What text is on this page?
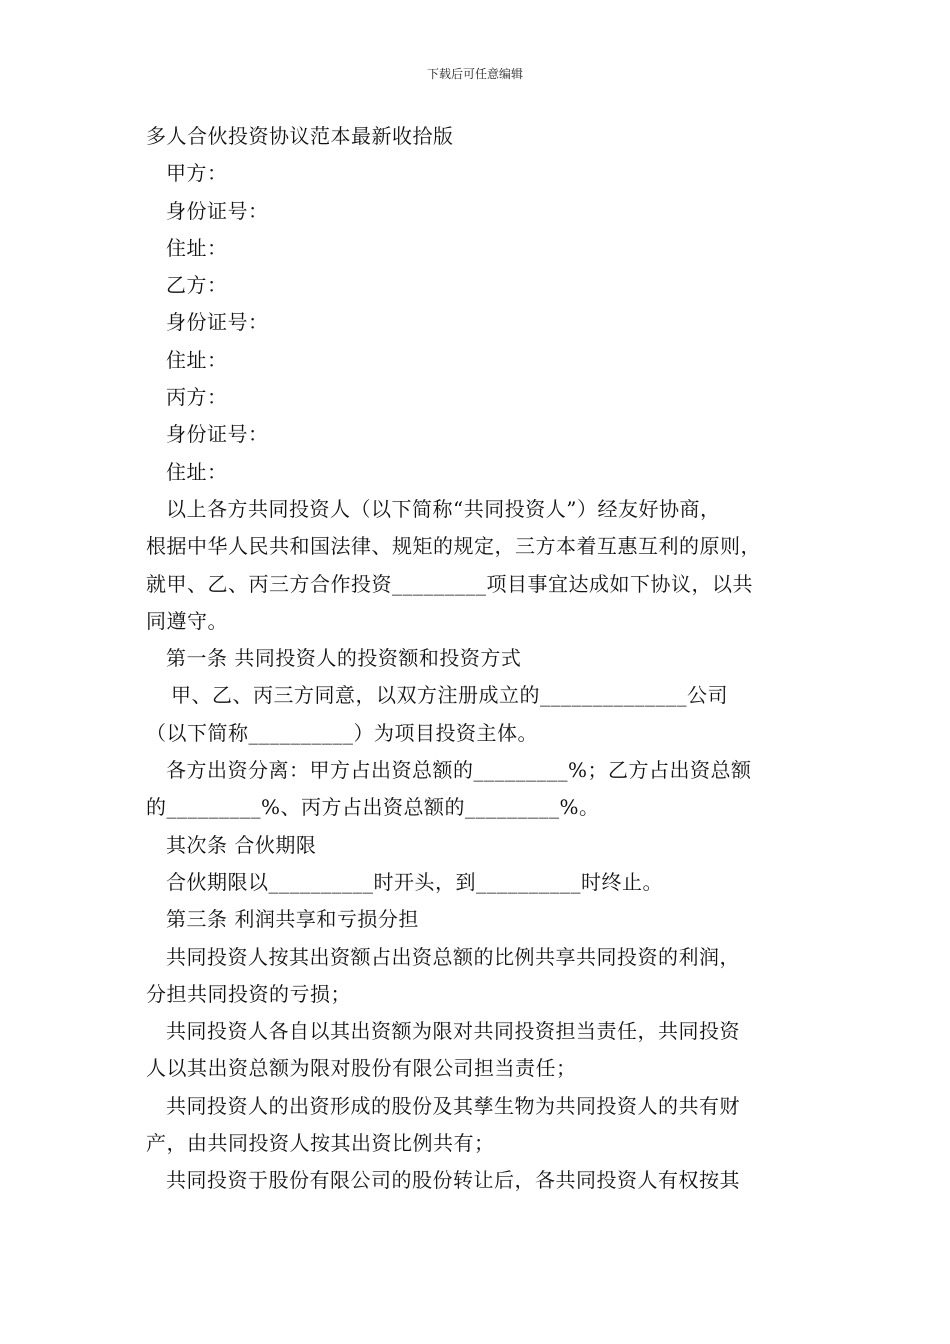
下载后可任意编辑
多人合伙投资协议范本最新收拾版
甲方：
身份证号：
住址：
乙方：
身份证号：
住址：
丙方：
身份证号：
住址：
以上各方共同投资人（以下简称“共同投资人”）经友好协商，
根据中华人民共和国法律、规矩的规定，三方本着互惠互利的原则，
就甲、乙、丙三方合作投资_________项目事宜达成如下协议，以共
同遵守。
第一条 共同投资人的投资额和投资方式
甲、乙、丙三方同意，以双方注册成立的______________公司
（以下简称__________）为项目投资主体。
各方出资分离：甲方占出资总额的_________%；乙方占出资总额
的_________%、丙方占出资总额的_________%。
其次条 合伙期限
合伙期限以__________时开头，到__________时终止。
第三条 利润共享和亏损分担
共同投资人按其出资额占出资总额的比例共享共同投资的利润，
分担共同投资的亏损；
共同投资人各自以其出资额为限对共同投资担当责任，共同投资
人以其出资总额为限对股份有限公司担当责任；
共同投资人的出资形成的股份及其孳生物为共同投资人的共有财
产，由共同投资人按其出资比例共有；
共同投资于股份有限公司的股份转让后，各共同投资人有权按其
